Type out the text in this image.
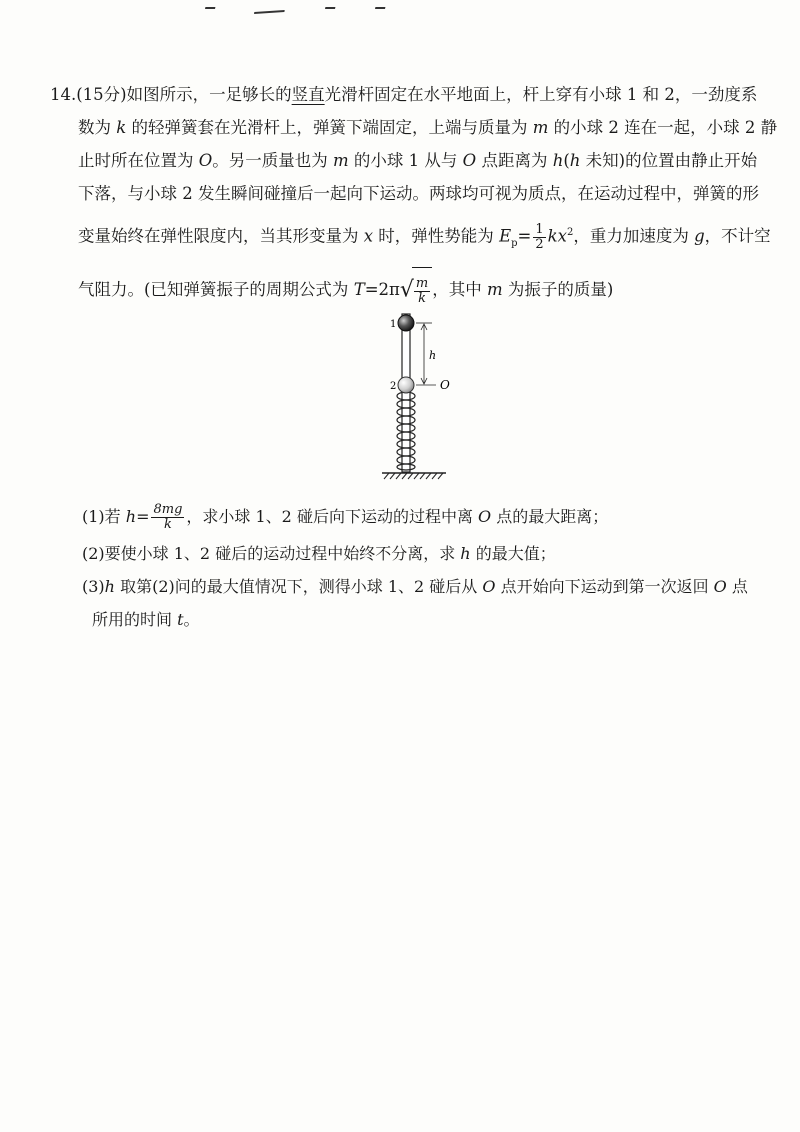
14.(15分)如图所示，一足够长的竖直光滑杆固定在水平地面上，杆上穿有小球 1 和 2，一劲度系
数为 k 的轻弹簧套在光滑杆上，弹簧下端固定，上端与质量为 m 的小球 2 连在一起，小球 2 静
止时所在位置为 O。另一质量也为 m 的小球 1 从与 O 点距离为 h(h 未知)的位置由静止开始
下落，与小球 2 发生瞬间碰撞后一起向下运动。两球均可视为质点，在运动过程中，弹簧的形
变量始终在弹性限度内，当其形变量为 x 时，弹性势能为 $E_p= \frac{1}{2} kx^2$，重力加速度为 g，不计空
气阻力。(已知弹簧振子的周期公式为 $T=2\pi√ \frac{m}{k}$ ，其中 m 为振子的质量)
1
2
h
O
(1)若 $h= \frac{8mg}{k}$ ，求小球 1、2 碰后向下运动的过程中离 O 点的最大距离；
(2)要使小球 1、2 碰后的运动过程中始终不分离，求 h 的最大值；
(3)h 取第(2)问的最大值情况下，测得小球 1、2 碰后从 O 点开始向下运动到第一次返回 O 点
所用的时间 t。
